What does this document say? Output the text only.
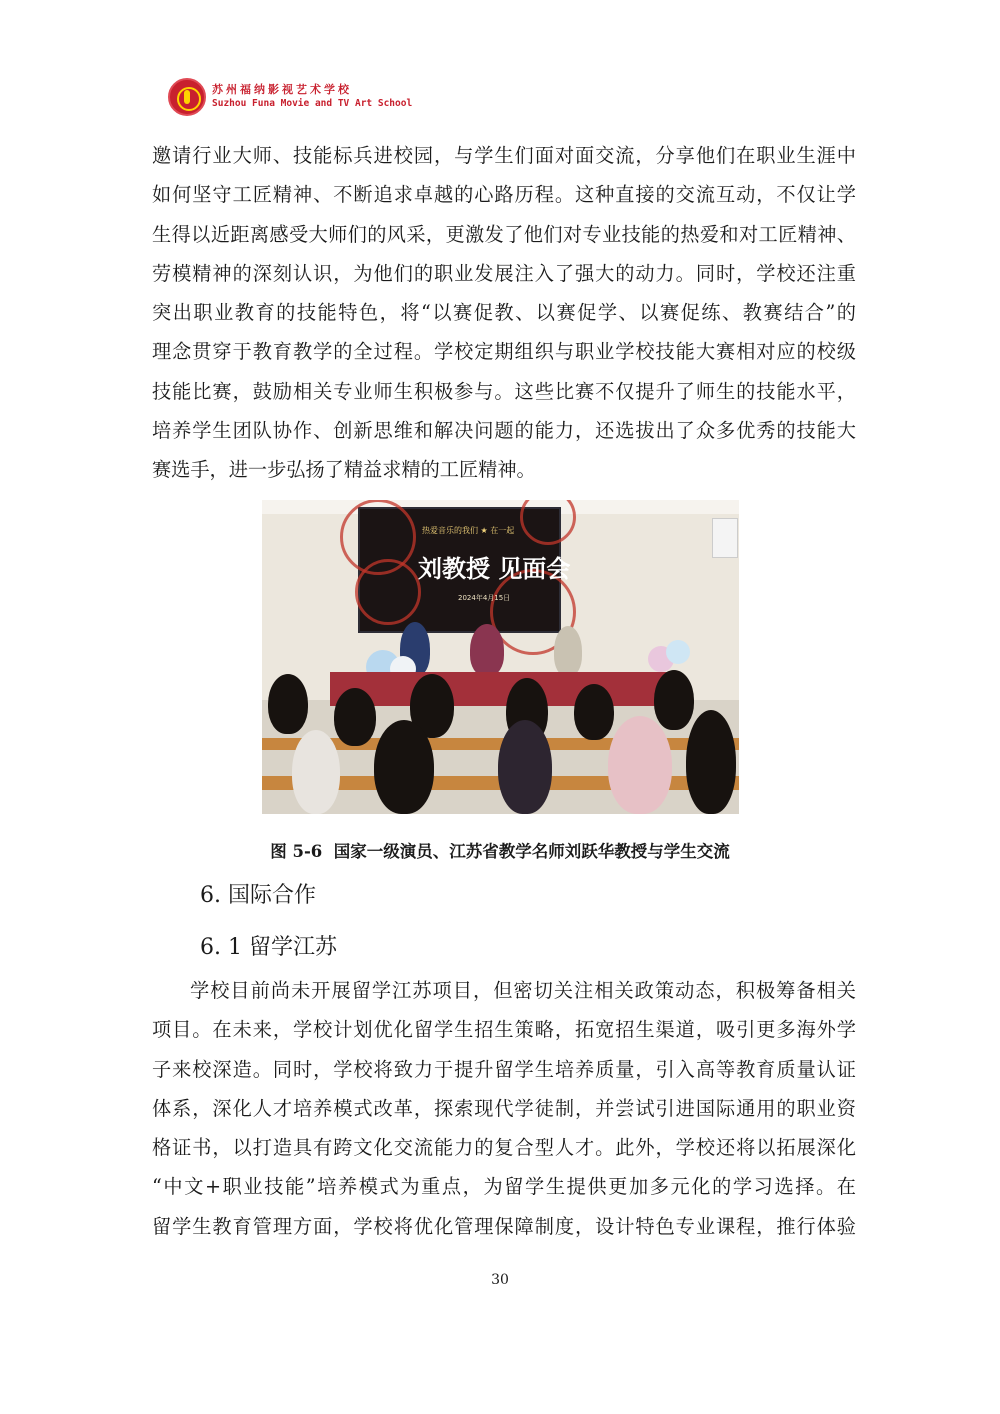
苏州福纳影视艺术学校
Suzhou Funa Movie and TV Art School
邀请行业大师、技能标兵进校园，与学生们面对面交流，分享他们在职业生涯中
如何坚守工匠精神、不断追求卓越的心路历程。这种直接的交流互动，不仅让学
生得以近距离感受大师们的风采，更激发了他们对专业技能的热爱和对工匠精神、
劳模精神的深刻认识，为他们的职业发展注入了强大的动力。同时，学校还注重
突出职业教育的技能特色，将“以赛促教、以赛促学、以赛促练、教赛结合”的
理念贯穿于教育教学的全过程。学校定期组织与职业学校技能大赛相对应的校级
技能比赛，鼓励相关专业师生积极参与。这些比赛不仅提升了师生的技能水平，
培养学生团队协作、创新思维和解决问题的能力，还选拔出了众多优秀的技能大
赛选手，进一步弘扬了精益求精的工匠精神。
热爱音乐的我们 ★ 在一起
刘教授 见面会
2024年4月15日
图 5-6 国家一级演员、江苏省教学名师刘跃华教授与学生交流
6. 国际合作
6. 1 留学江苏
学校目前尚未开展留学江苏项目，但密切关注相关政策动态，积极筹备相关
项目。在未来，学校计划优化留学生招生策略，拓宽招生渠道，吸引更多海外学
子来校深造。同时，学校将致力于提升留学生培养质量，引入高等教育质量认证
体系，深化人才培养模式改革，探索现代学徒制，并尝试引进国际通用的职业资
格证书，以打造具有跨文化交流能力的复合型人才。此外，学校还将以拓展深化
“中文+职业技能”培养模式为重点，为留学生提供更加多元化的学习选择。在
留学生教育管理方面，学校将优化管理保障制度，设计特色专业课程，推行体验
30
